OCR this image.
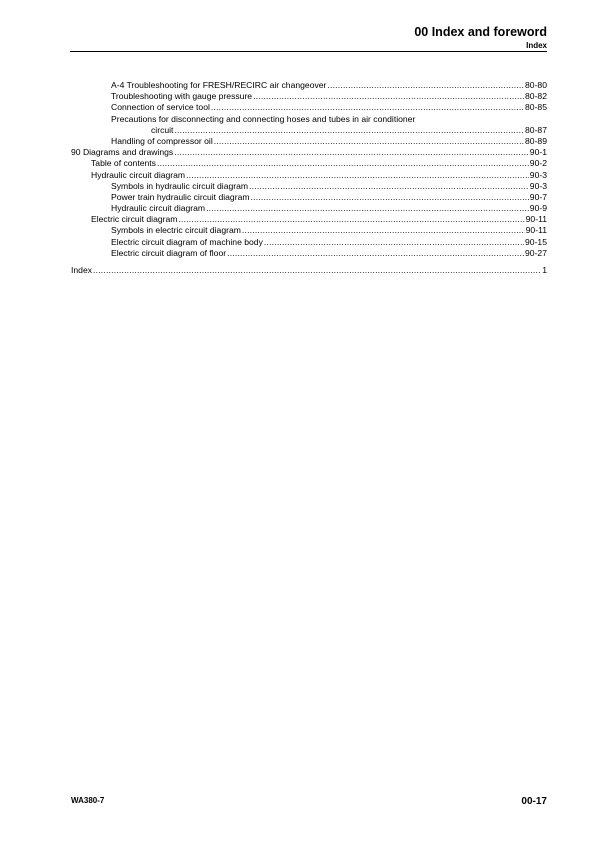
00 Index and foreword
Index
A-4 Troubleshooting for FRESH/RECIRC air changeover .....	80-80
Troubleshooting with gauge pressure .....	80-82
Connection of service tool .....	80-85
Precautions for disconnecting and connecting hoses and tubes in air conditioner
circuit .....	80-87
Handling of compressor oil .....	80-89
90 Diagrams and drawings .....	90-1
Table of contents .....	90-2
Hydraulic circuit diagram .....	90-3
Symbols in hydraulic circuit diagram .....	90-3
Power train hydraulic circuit diagram .....	90-7
Hydraulic circuit diagram .....	90-9
Electric circuit diagram .....	90-11
Symbols in electric circuit diagram .....	90-11
Electric circuit diagram of machine body .....	90-15
Electric circuit diagram of floor .....	90-27
Index .....	1
WA380-7	00-17
